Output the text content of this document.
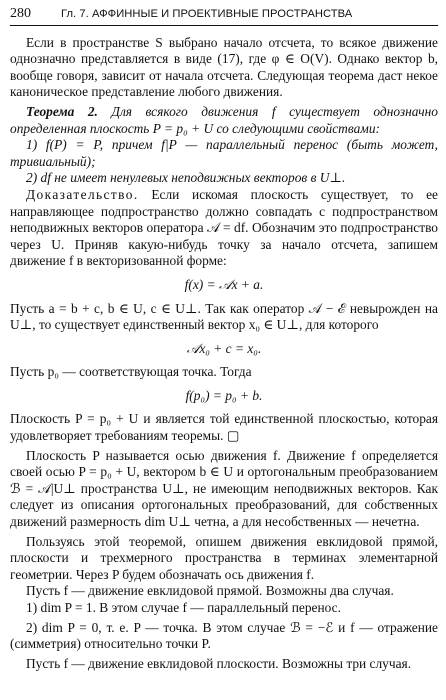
280	Гл. 7. АФФИННЫЕ И ПРОЕКТИВНЫЕ ПРОСТРАНСТВА

Если в пространстве S выбрано начало отсчета, то всякое движение однозначно представляется в виде (17), где φ ∈ O(V). Однако вектор b, вообще говоря, зависит от начала отсчета. Следующая теорема даст некое каноническое представление любого движения.

Теорема 2. Для всякого движения f существует однозначно определенная плоскость P = p₀ + U со следующими свойствами:

1) f(P) = P, причем f|P — параллельный перенос (быть может, тривиальный);

2) df не имеет ненулевых неподвижных векторов в U⊥.

Доказательство. Если искомая плоскость существует, то ее направляющее подпространство должно совпадать с подпространством неподвижных векторов оператора 𝒜 = df. Обозначим это подпространство через U. Приняв какую-нибудь точку за начало отсчета, запишем движение f в векторизованной форме:

f(x) = 𝒜x + a.

Пусть a = b + c, b ∈ U, c ∈ U⊥. Так как оператор 𝒜 − ℰ невырожден на U⊥, то существует единственный вектор x₀ ∈ U⊥, для которого

𝒜x₀ + c = x₀.

Пусть p₀ — соответствующая точка. Тогда

f(p₀) = p₀ + b.

Плоскость P = p₀ + U и является той единственной плоскостью, которая удовлетворяет требованиям теоремы. ▢

Плоскость P называется осью движения f. Движение f определяется своей осью P = p₀ + U, вектором b ∈ U и ортогональным преобразованием ℬ = 𝒜|U⊥ пространства U⊥, не имеющим неподвижных векторов. Как следует из описания ортогональных преобразований, для собственных движений размерность dim U⊥ четна, а для несобственных — нечетна.

Пользуясь этой теоремой, опишем движения евклидовой прямой, плоскости и трехмерного пространства в терминах элементарной геометрии. Через P будем обозначать ось движения f.

Пусть f — движение евклидовой прямой. Возможны два случая.

1) dim P = 1. В этом случае f — параллельный перенос.

2) dim P = 0, т. е. P — точка. В этом случае ℬ = −ℰ и f — отражение (симметрия) относительно точки P.

Пусть f — движение евклидовой плоскости. Возможны три случая.
